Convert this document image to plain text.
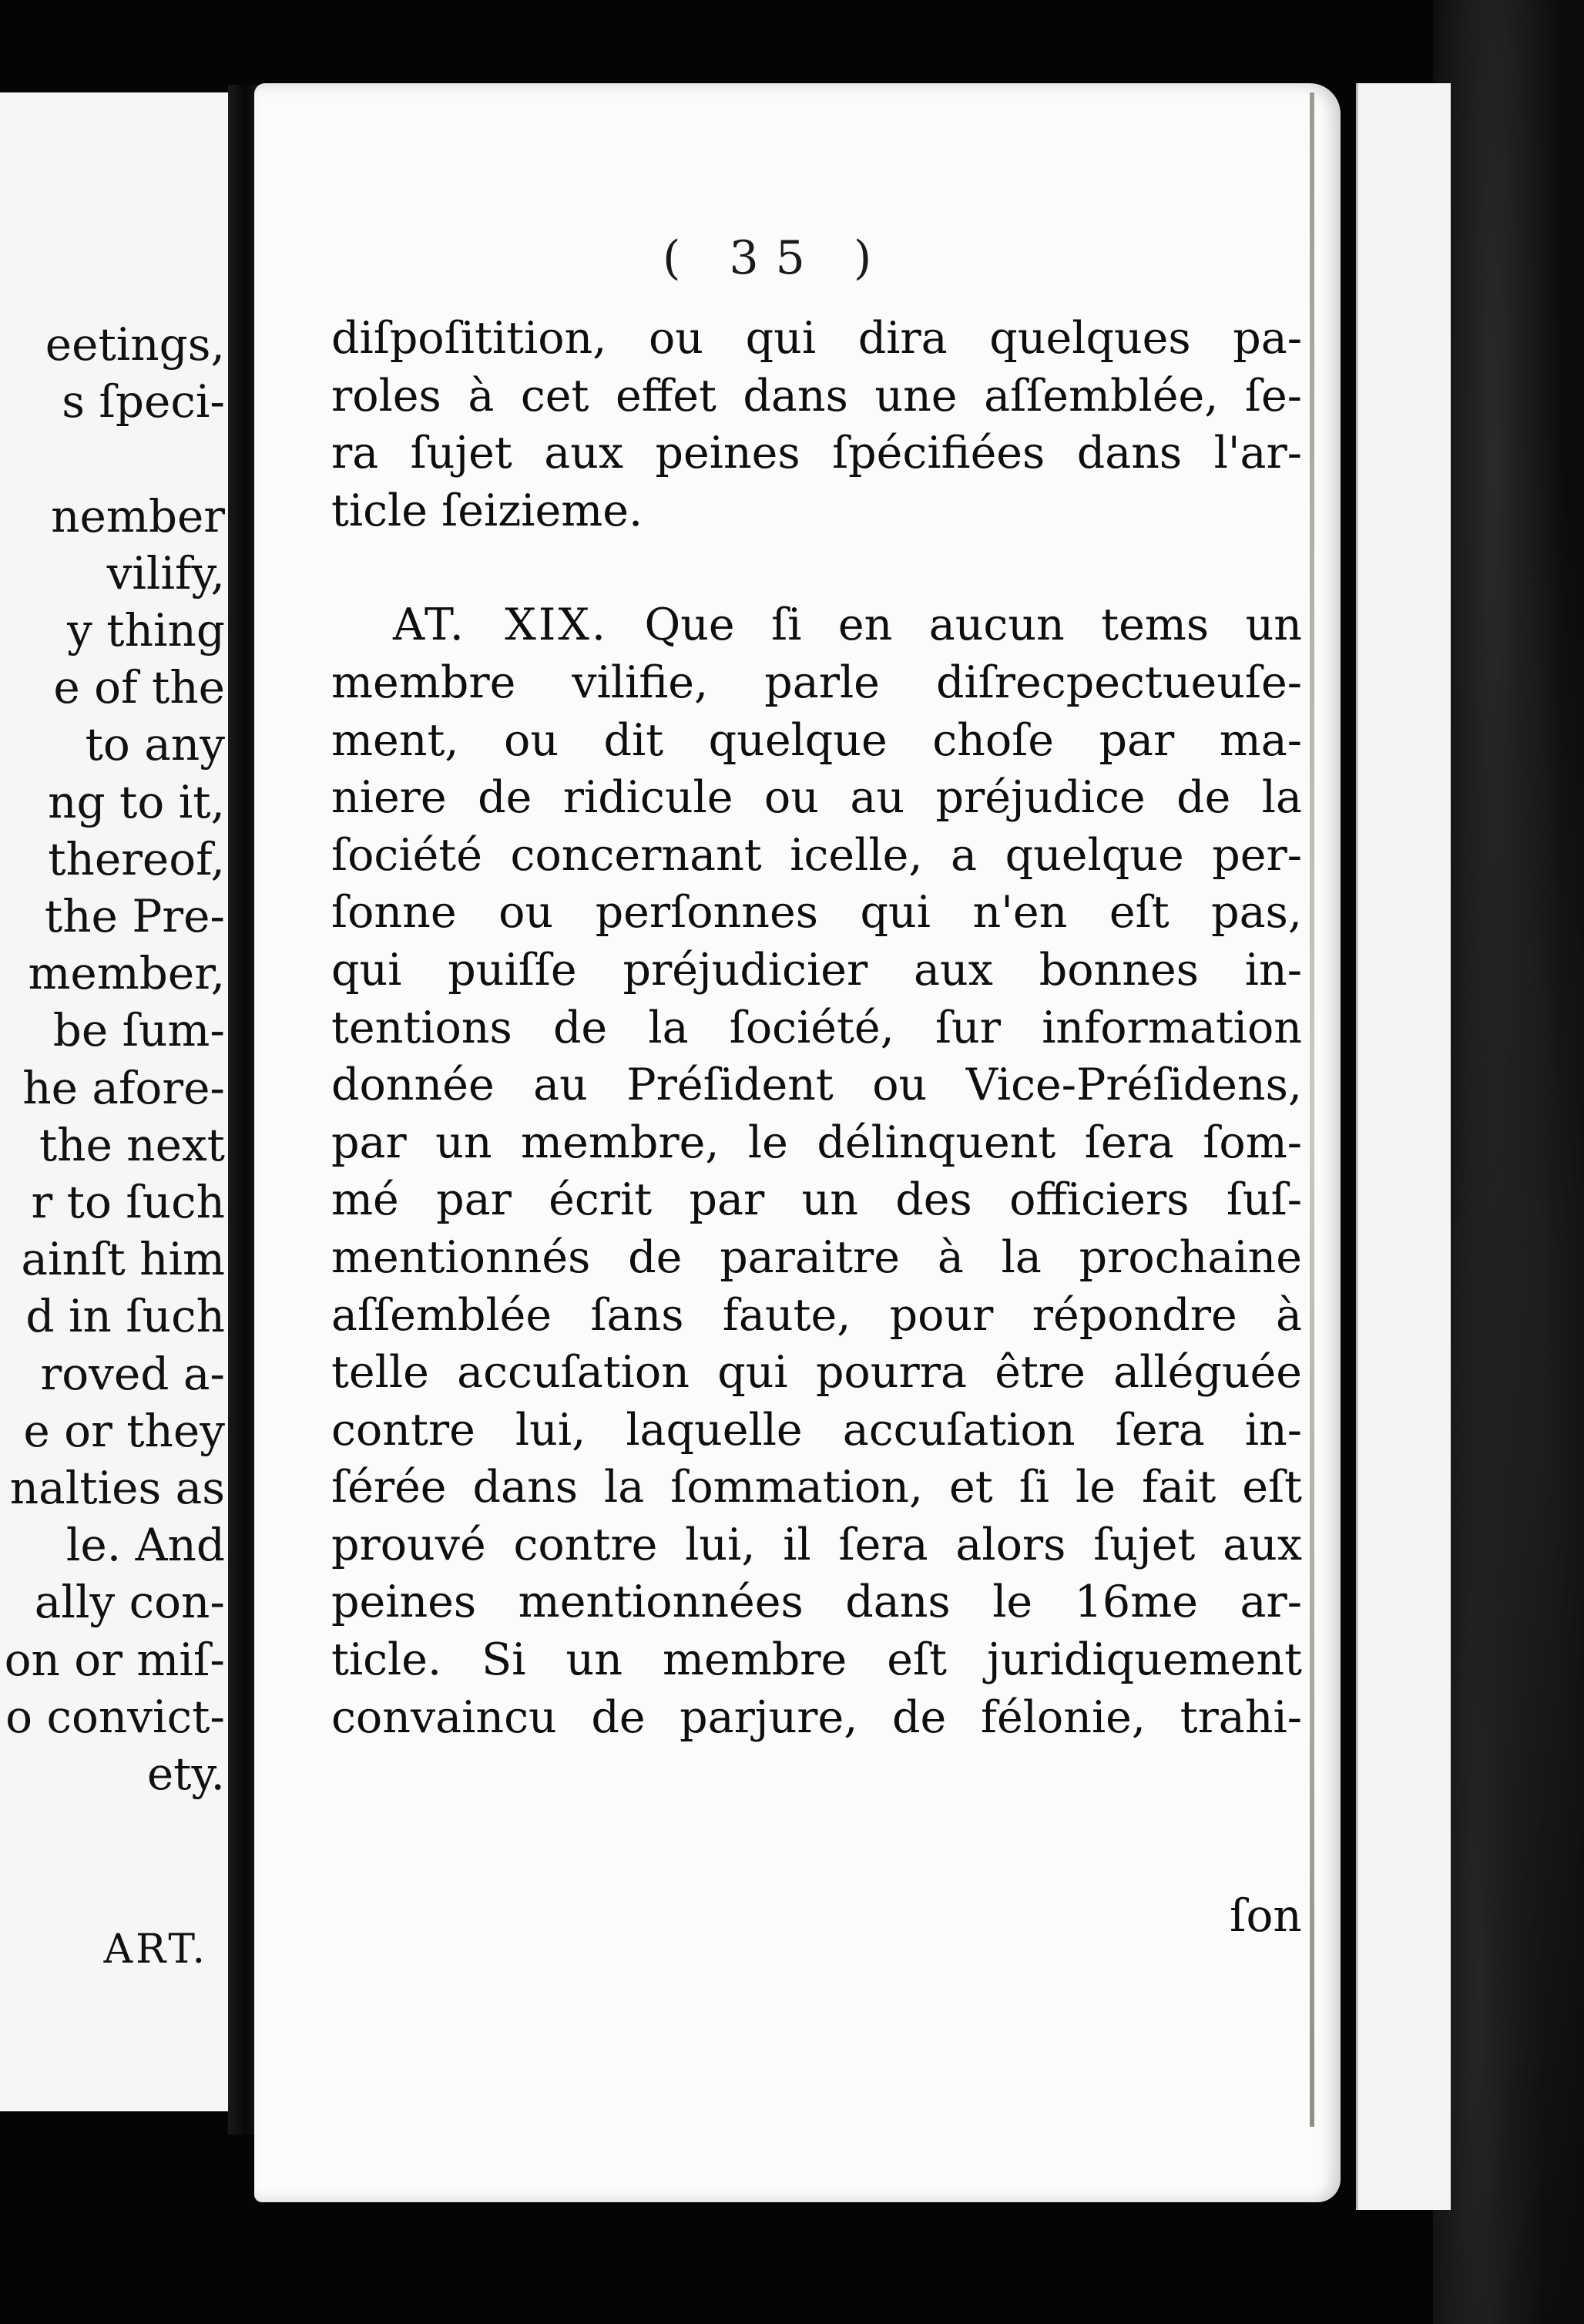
eetings,
s ſpeci-

nember
vilify,
y thing
e of the
to any
ng to it,
thereof,
the Pre-
member,
be ſum-
he afore-
the next
r to ſuch
ainſt him
d in ſuch
roved a-
e or they
nalties as
le. And
ally con-
on or miſ-
o convict-
ety.
ART.
( 35 )
diſpoſitition, ou qui dira quelques pa-
roles à cet effet dans une aſſemblée, ſe-
ra ſujet aux peines ſpécifiées dans l'ar-
ticle ſeizieme.
AT. XIX. Que ſi en aucun tems un
membre vilifie, parle diſrecpectueuſe-
ment, ou dit quelque choſe par ma-
niere de ridicule ou au préjudice de la
ſociété concernant icelle, a quelque per-
ſonne ou perſonnes qui n'en eſt pas,
qui puiſſe préjudicier aux bonnes in-
tentions de la ſociété, ſur information
donnée au Préſident ou Vice-Préſidens,
par un membre, le délinquent ſera ſom-
mé par écrit par un des officiers ſuſ-
mentionnés de paraitre à la prochaine
aſſemblée ſans faute, pour répondre à
telle accuſation qui pourra être alléguée
contre lui, laquelle accuſation ſera in-
ſérée dans la ſommation, et ſi le fait eſt
prouvé contre lui, il ſera alors ſujet aux
peines mentionnées dans le 16me ar-
ticle. Si un membre eſt juridiquement
convaincu de parjure, de félonie, trahi-
ſon
